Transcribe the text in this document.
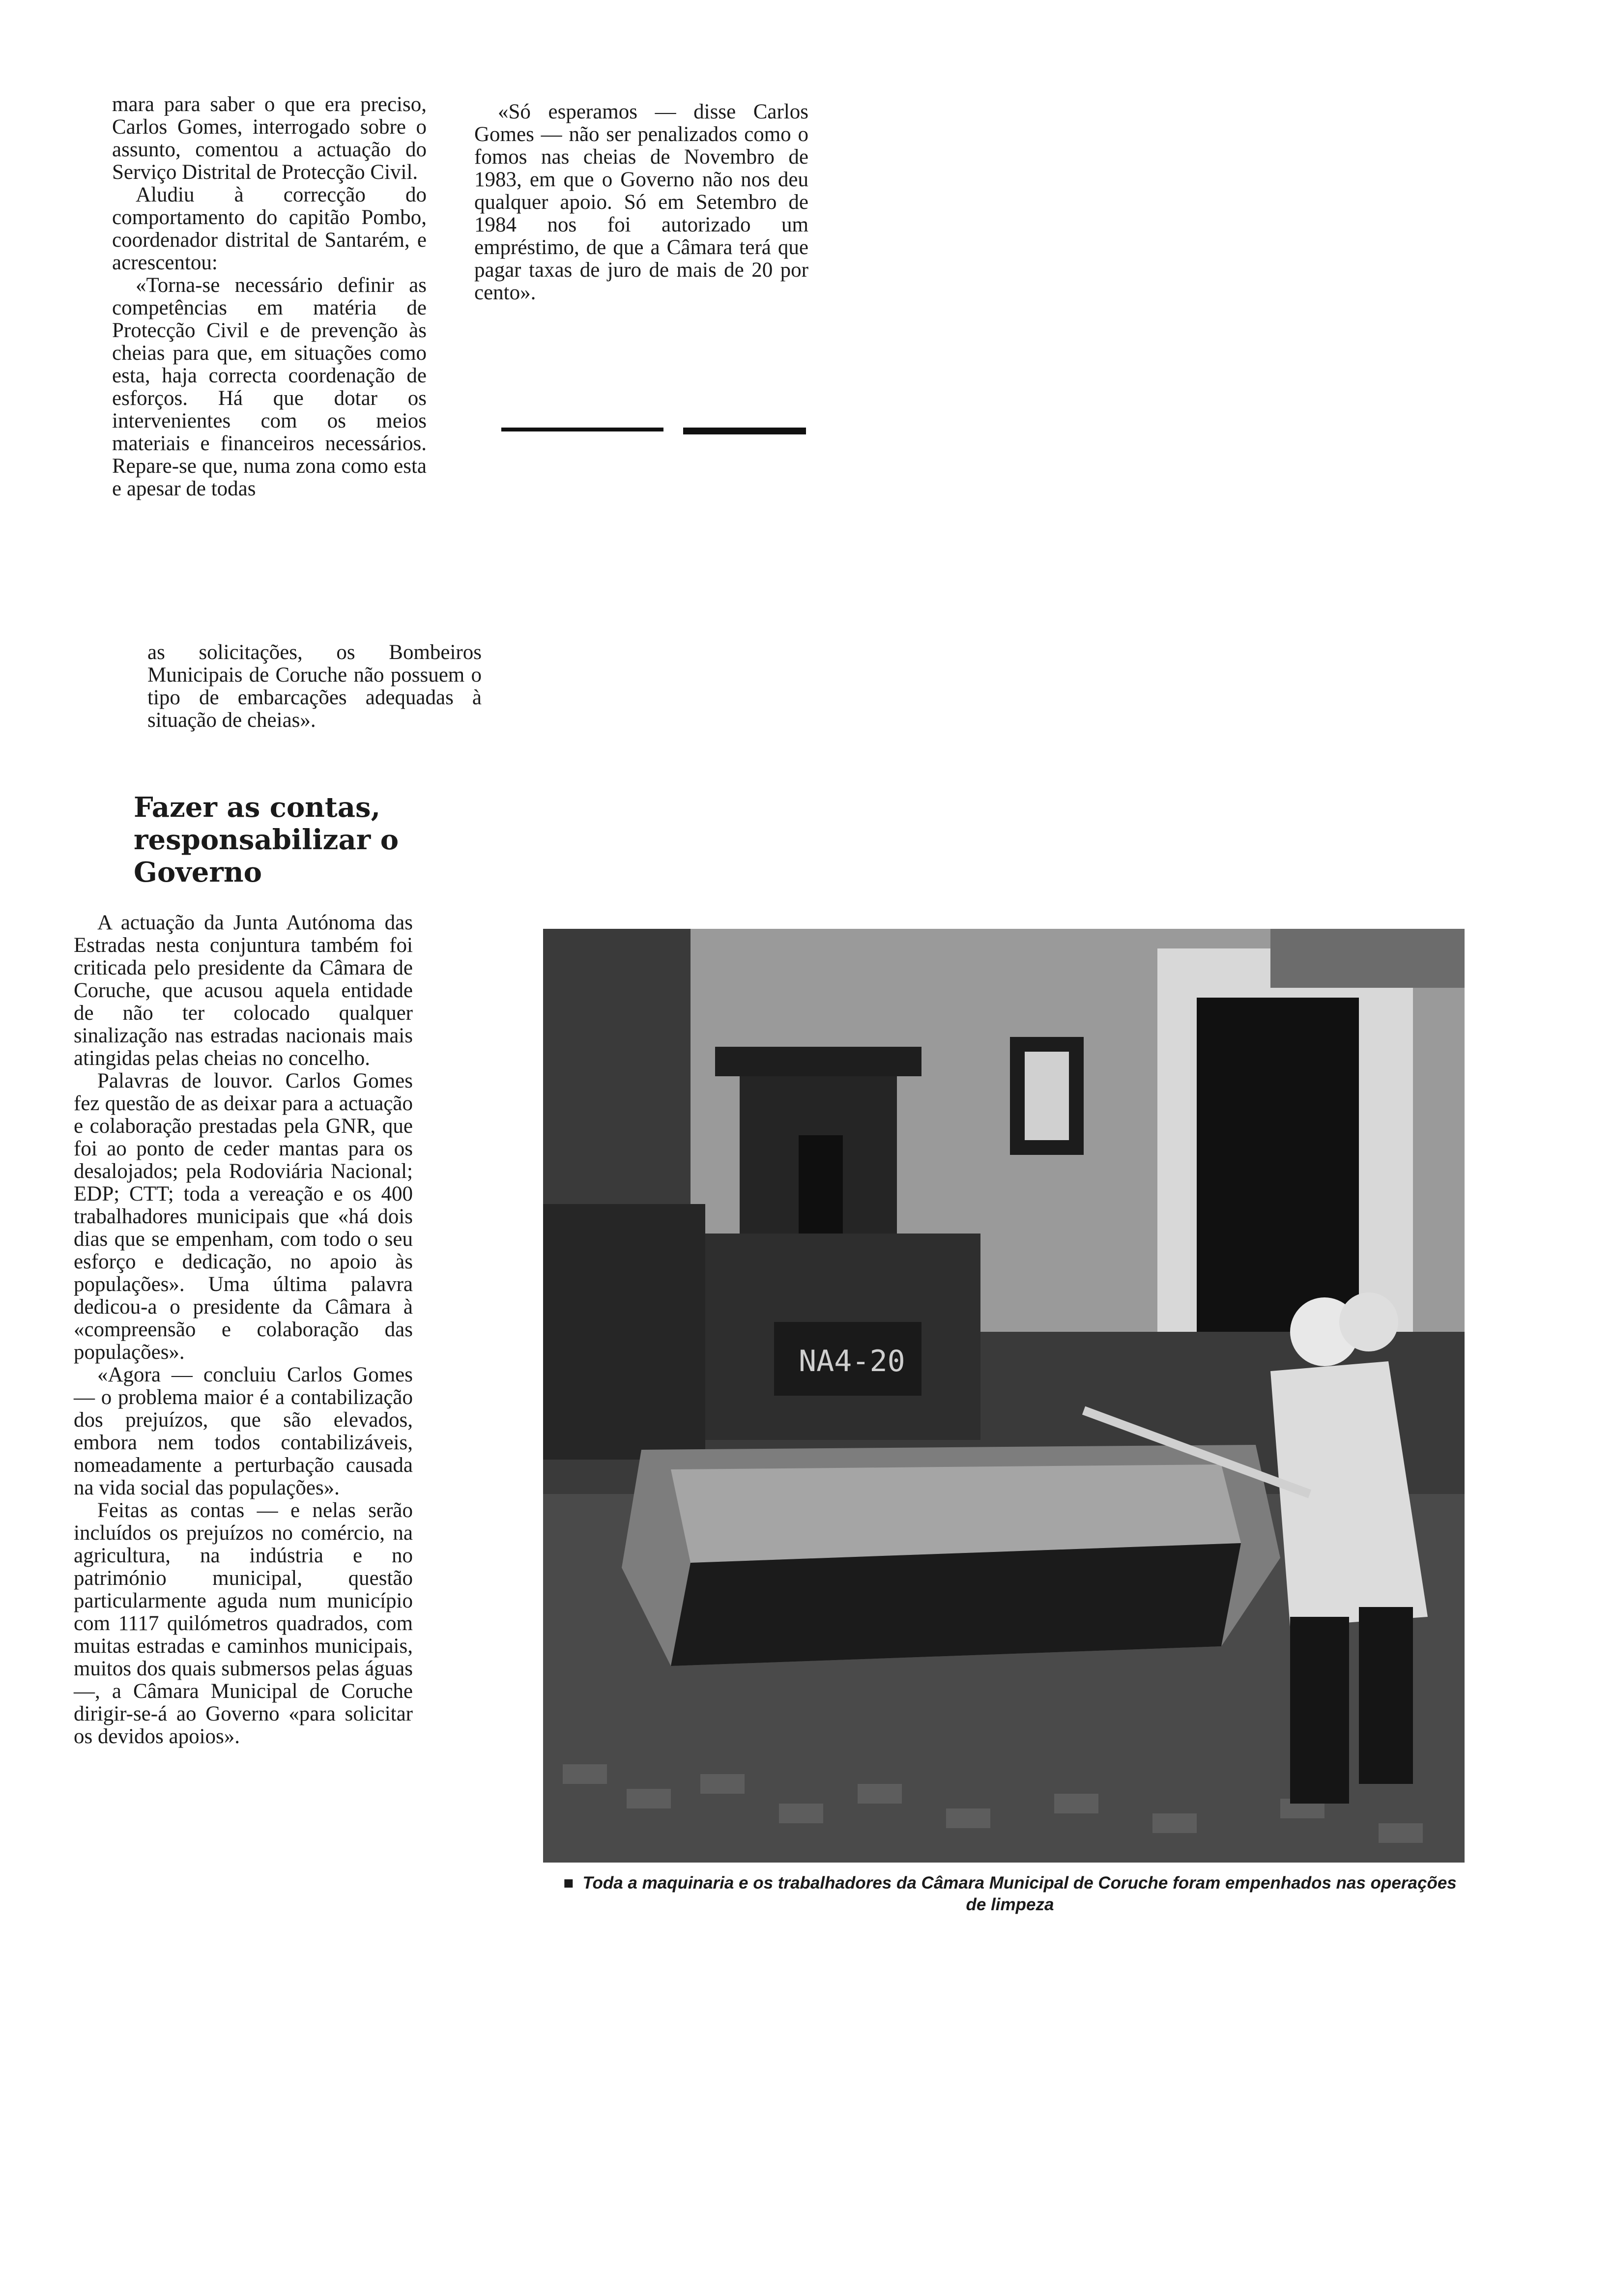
mara para saber o que era preciso, Carlos Gomes, interrogado sobre o assunto, comentou a actuação do Serviço Distrital de Protecção Civil.

Aludiu à correcção do comportamento do capitão Pombo, coordenador distrital de Santarém, e acrescentou:

«Torna-se necessário definir as competências em matéria de Protecção Civil e de prevenção às cheias para que, em situações como esta, haja correcta coordenação de esforços. Há que dotar os intervenientes com os meios materiais e financeiros necessários. Repare-se que, numa zona como esta e apesar de todas

as solicitações, os Bombeiros Municipais de Coruche não possuem o tipo de embarcações adequadas à situação de cheias».

«Só esperamos — disse Carlos Gomes — não ser penalizados como o fomos nas cheias de Novembro de 1983, em que o Governo não nos deu qualquer apoio. Só em Setembro de 1984 nos foi autorizado um empréstimo, de que a Câmara terá que pagar taxas de juro de mais de 20 por cento».

Fazer as contas, responsabilizar o Governo

A actuação da Junta Autónoma das Estradas nesta conjuntura também foi criticada pelo presidente da Câmara de Coruche, que acusou aquela entidade de não ter colocado qualquer sinalização nas estradas nacionais mais atingidas pelas cheias no concelho.

Palavras de louvor. Carlos Gomes fez questão de as deixar para a actuação e colaboração prestadas pela GNR, que foi ao ponto de ceder mantas para os desalojados; pela Rodoviária Nacional; EDP; CTT; toda a vereação e os 400 trabalhadores municipais que «há dois dias que se empenham, com todo o seu esforço e dedicação, no apoio às populações». Uma última palavra dedicou-a o presidente da Câmara à «compreensão e colaboração das populações».

«Agora — concluiu Carlos Gomes — o problema maior é a contabilização dos prejuízos, que são elevados, embora nem todos contabilizáveis, nomeadamente a perturbação causada na vida social das populações».

Feitas as contas — e nelas serão incluídos os prejuízos no comércio, na agricultura, na indústria e no património municipal, questão particularmente aguda num município com 1117 quilómetros quadrados, com muitas estradas e caminhos municipais, muitos dos quais submersos pelas águas —, a Câmara Municipal de Coruche dirigir-se-á ao Governo «para solicitar os devidos apoios».

NA4-20

■ Toda a maquinaria e os trabalhadores da Câmara Municipal de Coruche foram empenhados nas operações de limpeza
